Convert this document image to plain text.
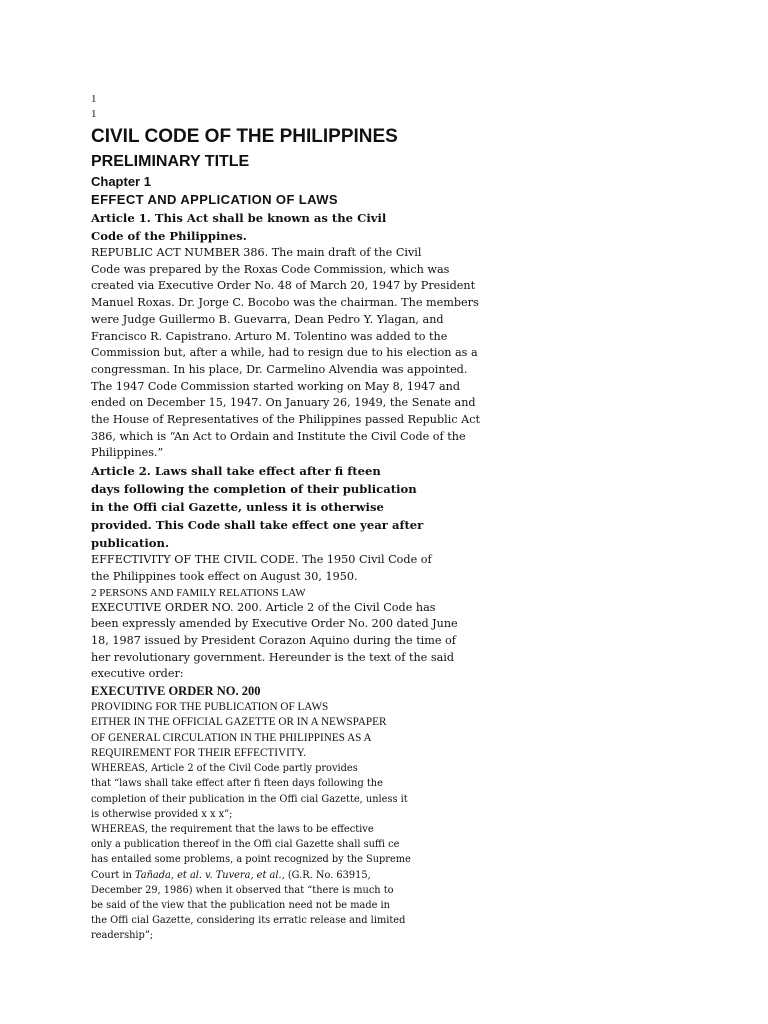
1
1
CIVIL CODE OF THE PHILIPPINES
PRELIMINARY TITLE
Chapter 1
EFFECT AND APPLICATION OF LAWS
Article 1. This Act shall be known as the Civil
Code of the Philippines.
REPUBLIC ACT NUMBER 386. The main draft of the Civil
Code was prepared by the Roxas Code Commission, which was
created via Executive Order No. 48 of March 20, 1947 by President
Manuel Roxas. Dr. Jorge C. Bocobo was the chairman. The members
were Judge Guillermo B. Guevarra, Dean Pedro Y. Ylagan, and
Francisco R. Capistrano. Arturo M. Tolentino was added to the
Commission but, after a while, had to resign due to his election as a
congressman. In his place, Dr. Carmelino Alvendia was appointed.
The 1947 Code Commission started working on May 8, 1947 and
ended on December 15, 1947. On January 26, 1949, the Senate and
the House of Representatives of the Philippines passed Republic Act
386, which is “An Act to Ordain and Institute the Civil Code of the
Philippines.”
Article 2. Laws shall take effect after fi fteen
days following the completion of their publication
in the Offi cial Gazette, unless it is otherwise
provided. This Code shall take effect one year after
publication.
EFFECTIVITY OF THE CIVIL CODE. The 1950 Civil Code of
the Philippines took effect on August 30, 1950.
2 PERSONS AND FAMILY RELATIONS LAW
EXECUTIVE ORDER NO. 200. Article 2 of the Civil Code has
been expressly amended by Executive Order No. 200 dated June
18, 1987 issued by President Corazon Aquino during the time of
her revolutionary government. Hereunder is the text of the said
executive order:
EXECUTIVE ORDER NO. 200
PROVIDING FOR THE PUBLICATION OF LAWS
EITHER IN THE OFFICIAL GAZETTE OR IN A NEWSPAPER
OF GENERAL CIRCULATION IN THE PHILIPPINES AS A
REQUIREMENT FOR THEIR EFFECTIVITY.
WHEREAS, Article 2 of the Civil Code partly provides
that “laws shall take effect after fi fteen days following the
completion of their publication in the Offi cial Gazette, unless it
is otherwise provided x x x”;
WHEREAS, the requirement that the laws to be effective
only a publication thereof in the Offi cial Gazette shall suffi ce
has entailed some problems, a point recognized by the Supreme
Court in Tañada, et al. v. Tuvera, et al., (G.R. No. 63915,
December 29, 1986) when it observed that “there is much to
be said of the view that the publication need not be made in
the Offi cial Gazette, considering its erratic release and limited
readership”;
